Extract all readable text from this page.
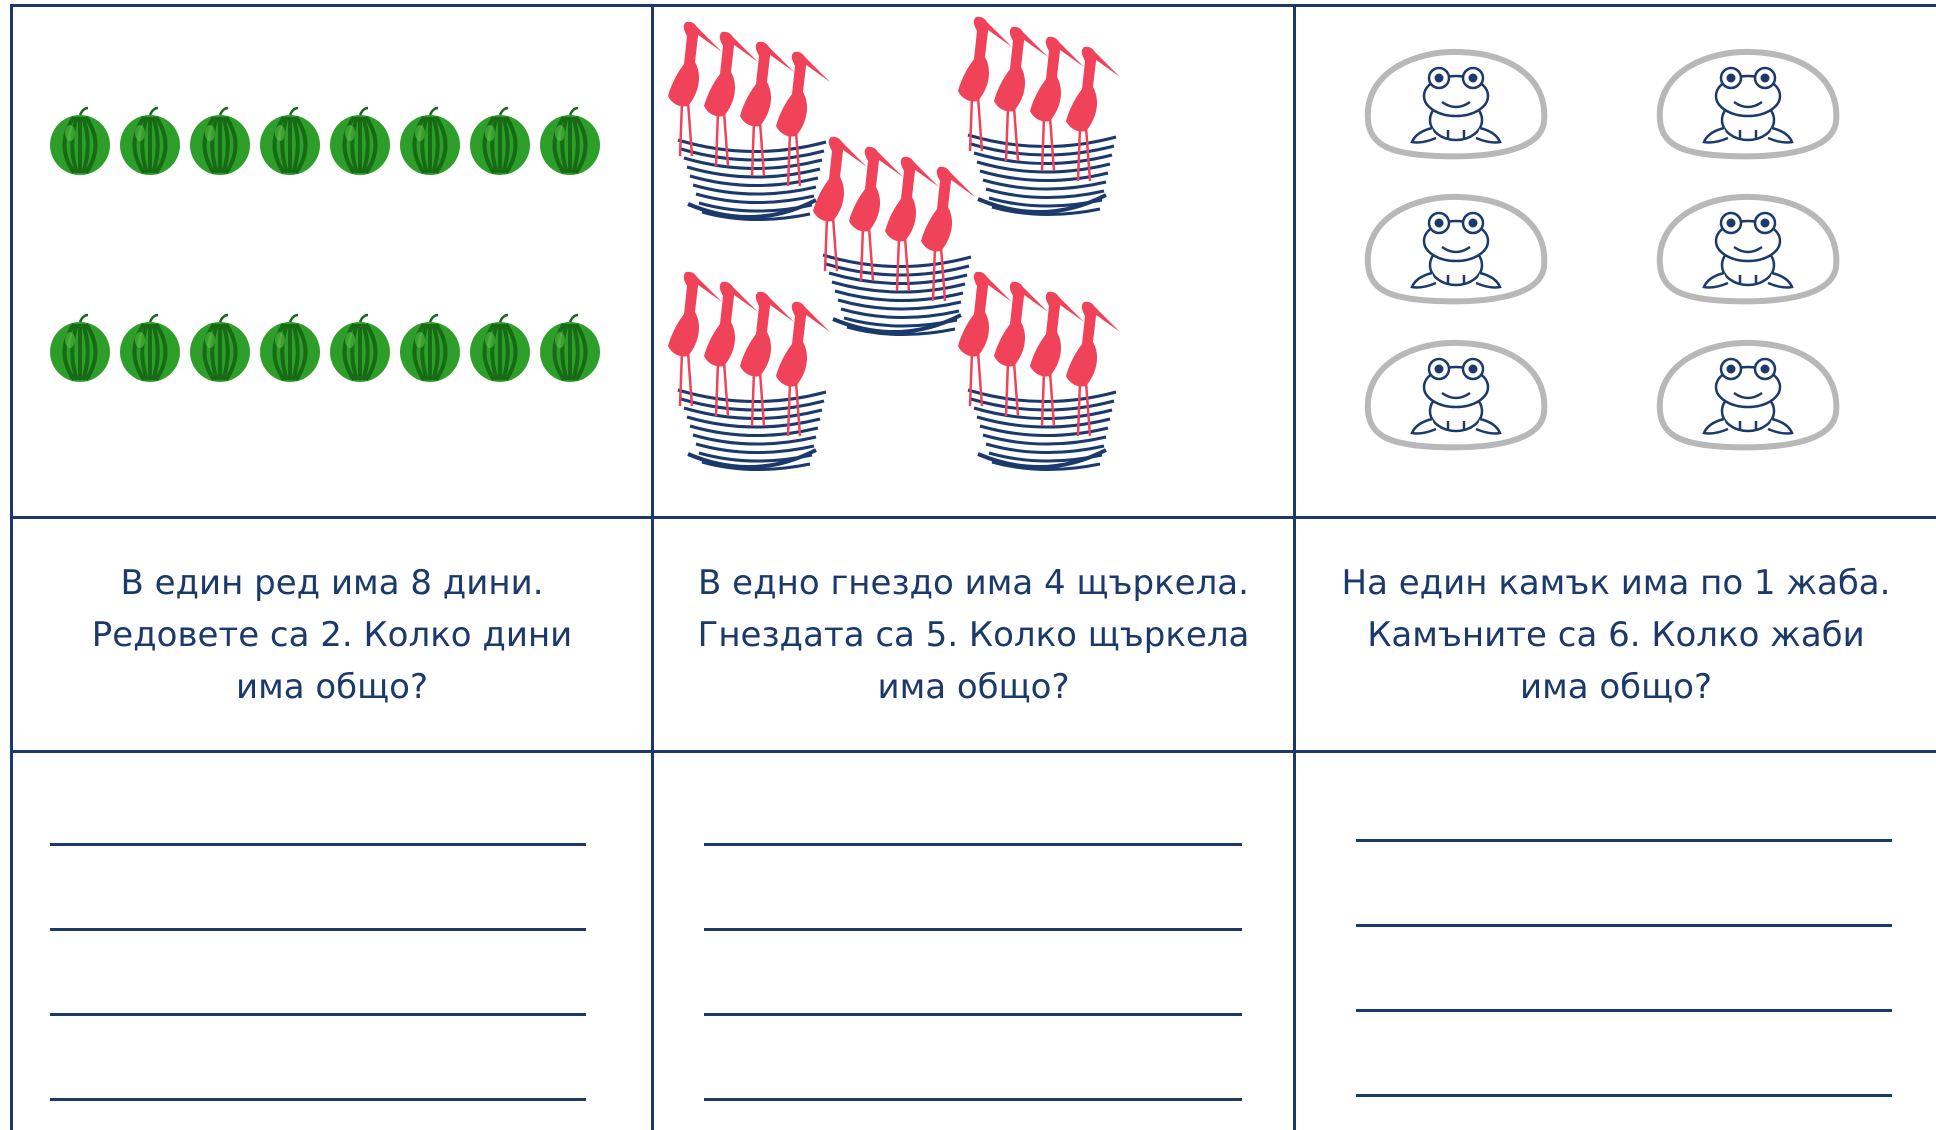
В един ред има 8 дини. Редовете са 2. Колко дини има общо?
В едно гнездо има 4 щъркела. Гнездата са 5. Колко щъркела има общо?
На един камък има по 1 жаба. Камъните са 6. Колко жаби има общо?
